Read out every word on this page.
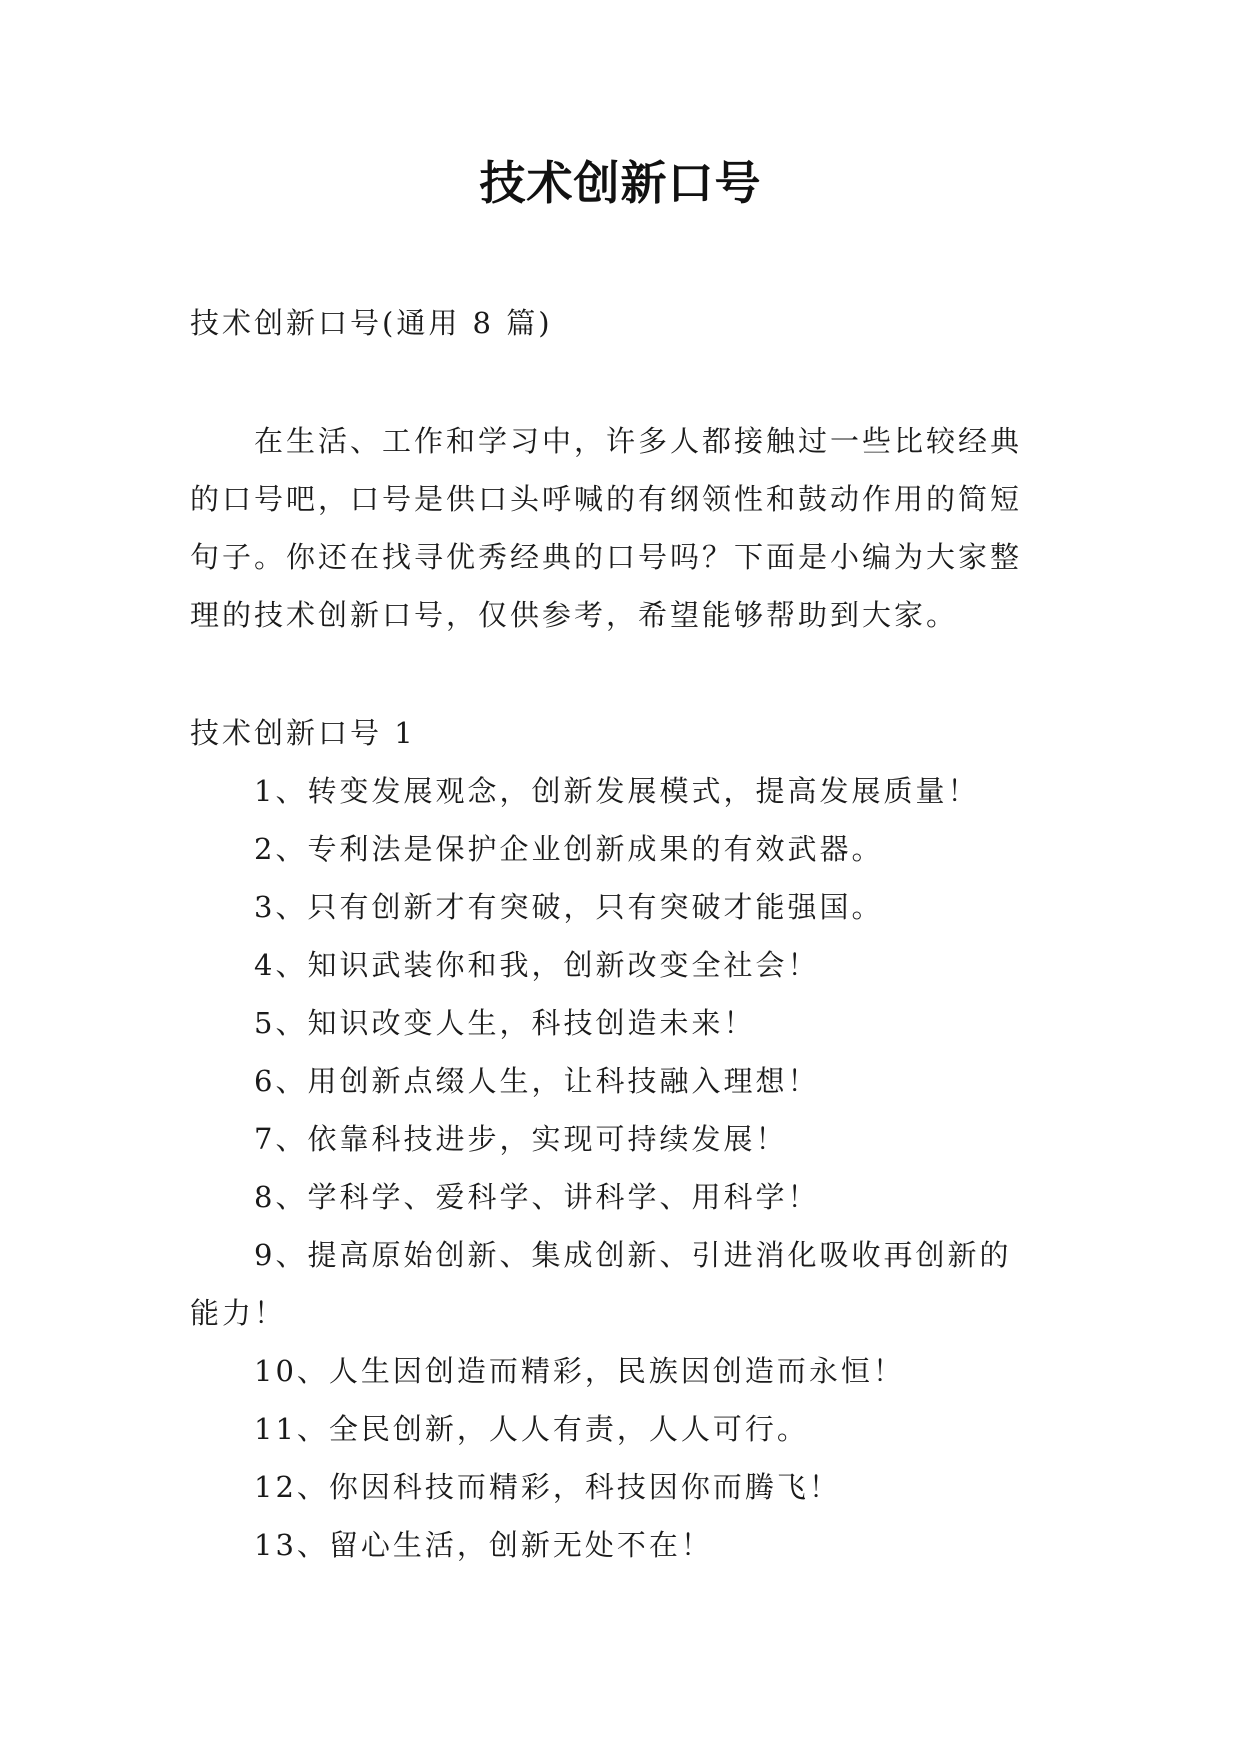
技术创新口号
技术创新口号(通用 8 篇)
在生活、工作和学习中，许多人都接触过一些比较经典
的口号吧，口号是供口头呼喊的有纲领性和鼓动作用的简短
句子。你还在找寻优秀经典的口号吗？下面是小编为大家整
理的技术创新口号，仅供参考，希望能够帮助到大家。
技术创新口号 1
1、转变发展观念，创新发展模式，提高发展质量！
2、专利法是保护企业创新成果的有效武器。
3、只有创新才有突破，只有突破才能强国。
4、知识武装你和我，创新改变全社会！
5、知识改变人生，科技创造未来！
6、用创新点缀人生，让科技融入理想！
7、依靠科技进步，实现可持续发展！
8、学科学、爱科学、讲科学、用科学！
9、提高原始创新、集成创新、引进消化吸收再创新的
能力！
10、人生因创造而精彩，民族因创造而永恒！
11、全民创新，人人有责，人人可行。
12、你因科技而精彩，科技因你而腾飞！
13、留心生活，创新无处不在！
